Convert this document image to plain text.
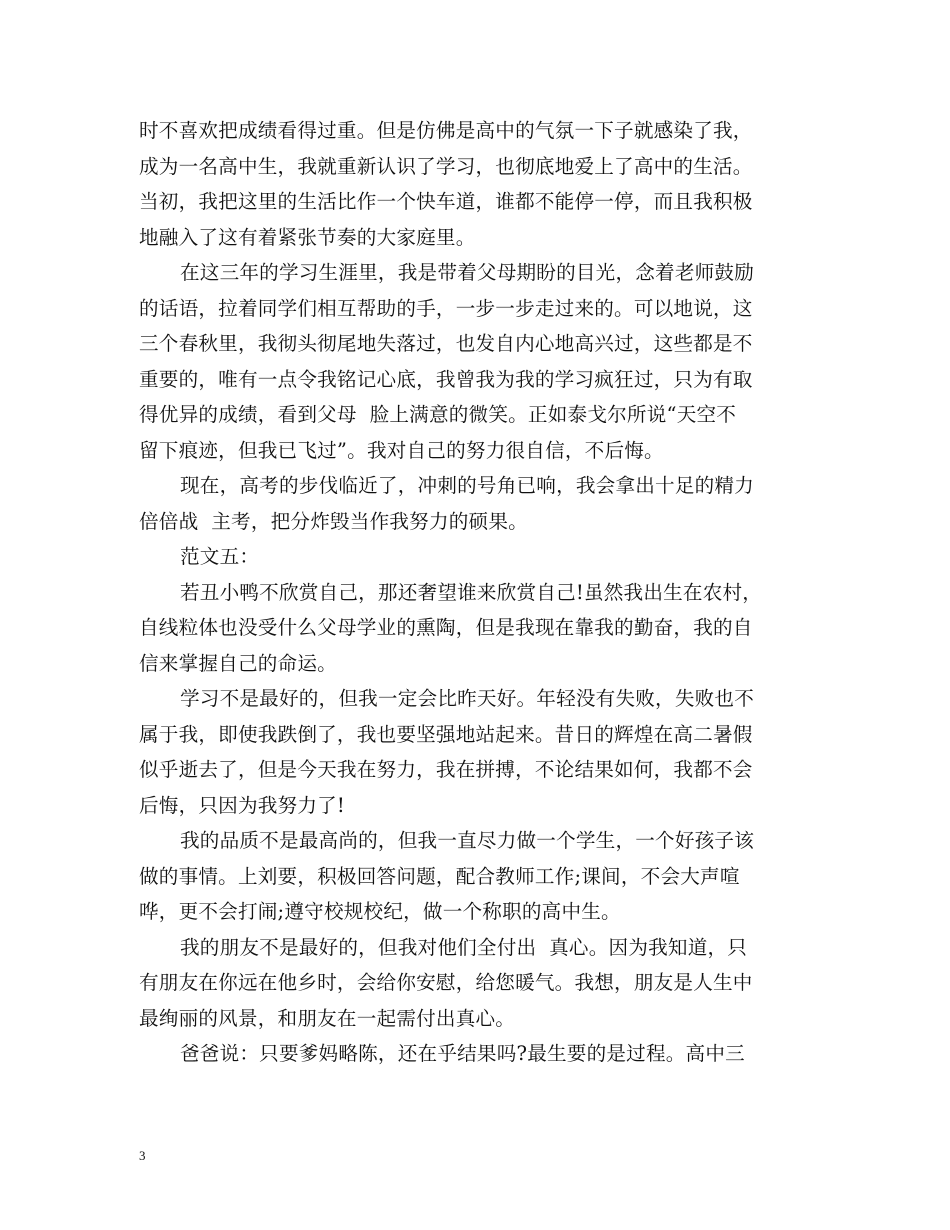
时不喜欢把成绩看得过重。但是仿佛是高中的气氛一下子就感染了我，
成为一名高中生，我就重新认识了学习，也彻底地爱上了高中的生活。
当初，我把这里的生活比作一个快车道，谁都不能停一停，而且我积极
地融入了这有着紧张节奏的大家庭里。

在这三年的学习生涯里，我是带着父母期盼的目光，念着老师鼓励
的话语，拉着同学们相互帮助的手，一步一步走过来的。可以地说，这
三个春秋里，我彻头彻尾地失落过，也发自内心地高兴过，这些都是不
重要的，唯有一点令我铭记心底，我曾我为我的学习疯狂过，只为有取
得优异的成绩，看到父母  脸上满意的微笑。正如泰戈尔所说“天空不
留下痕迹，但我已飞过”。我对自己的努力很自信，不后悔。

现在，高考的步伐临近了，冲刺的号角已响，我会拿出十足的精力
倍倍战  主考，把分炸毁当作我努力的硕果。

范文五：

若丑小鸭不欣赏自己，那还奢望谁来欣赏自己!虽然我出生在农村，
自线粒体也没受什么父母学业的熏陶，但是我现在靠我的勤奋，我的自
信来掌握自己的命运。

学习不是最好的，但我一定会比昨天好。年轻没有失败，失败也不
属于我，即使我跌倒了，我也要坚强地站起来。昔日的辉煌在高二暑假
似乎逝去了，但是今天我在努力，我在拼搏，不论结果如何，我都不会
后悔，只因为我努力了!

我的品质不是最高尚的，但我一直尽力做一个学生，一个好孩子该
做的事情。上刘要，积极回答问题，配合教师工作;课间，不会大声喧
哗，更不会打闹;遵守校规校纪，做一个称职的高中生。

我的朋友不是最好的，但我对他们全付出  真心。因为我知道，只
有朋友在你远在他乡时，会给你安慰，给您暖气。我想，朋友是人生中
最绚丽的风景，和朋友在一起需付出真心。

爸爸说：只要爹妈略陈，还在乎结果吗?最生要的是过程。高中三

3
